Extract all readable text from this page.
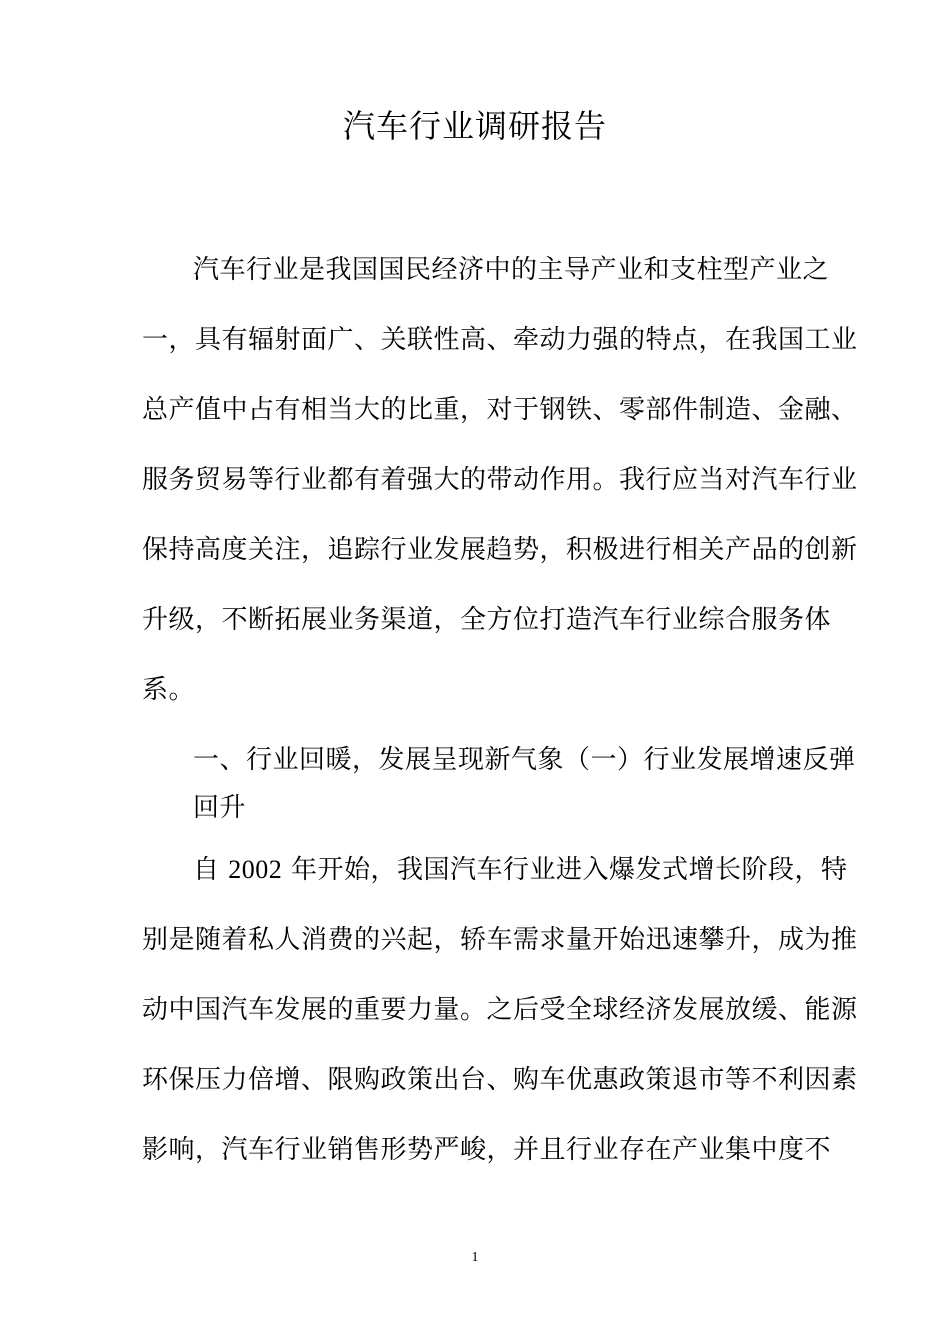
汽车行业调研报告
汽车行业是我国国民经济中的主导产业和支柱型产业之
一，具有辐射面广、关联性高、牵动力强的特点，在我国工业
总产值中占有相当大的比重，对于钢铁、零部件制造、金融、
服务贸易等行业都有着强大的带动作用。我行应当对汽车行业
保持高度关注，追踪行业发展趋势，积极进行相关产品的创新
升级，不断拓展业务渠道，全方位打造汽车行业综合服务体
系。
一、行业回暖，发展呈现新气象（一）行业发展增速反弹
回升
自 2002 年开始，我国汽车行业进入爆发式增长阶段，特
别是随着私人消费的兴起，轿车需求量开始迅速攀升，成为推
动中国汽车发展的重要力量。之后受全球经济发展放缓、能源
环保压力倍增、限购政策出台、购车优惠政策退市等不利因素
影响，汽车行业销售形势严峻，并且行业存在产业集中度不
1
